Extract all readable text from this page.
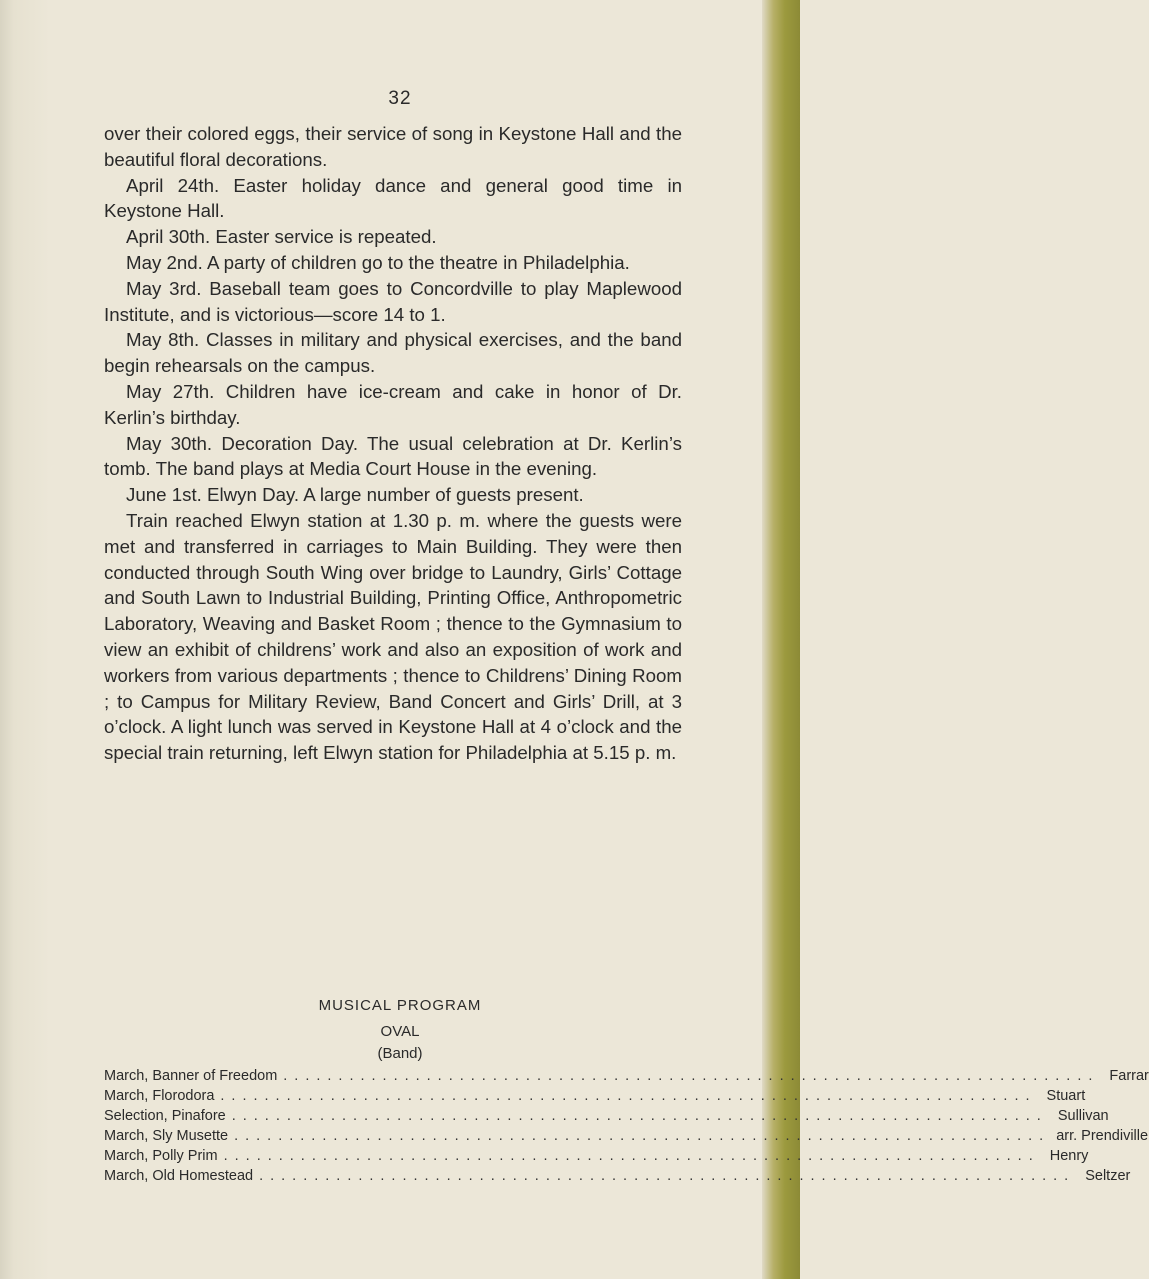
32

over their colored eggs, their service of song in Keystone Hall and the beautiful floral decorations.

April 24th. Easter holiday dance and general good time in Keystone Hall.

April 30th. Easter service is repeated.

May 2nd. A party of children go to the theatre in Philadelphia.

May 3rd. Baseball team goes to Concordville to play Maplewood Institute, and is victorious—score 14 to 1.

May 8th. Classes in military and physical exercises, and the band begin rehearsals on the campus.

May 27th. Children have ice-cream and cake in honor of Dr. Kerlin’s birthday.

May 30th. Decoration Day. The usual celebration at Dr. Kerlin’s tomb. The band plays at Media Court House in the evening.

June 1st. Elwyn Day. A large number of guests present.

Train reached Elwyn station at 1.30 p. m. where the guests were met and transferred in carriages to Main Building. They were then conducted through South Wing over bridge to Laundry, Girls’ Cottage and South Lawn to Industrial Building, Printing Office, Anthropometric Laboratory, Weaving and Basket Room ; thence to the Gymnasium to view an exhibit of childrens’ work and also an exposition of work and workers from various departments ; thence to Childrens’ Dining Room ; to Campus for Military Review, Band Concert and Girls’ Drill, at 3 o’clock. A light lunch was served in Keystone Hall at 4 o’clock and the special train returning, left Elwyn station for Philadelphia at 5.15 p. m.

MUSICAL PROGRAM
OVAL
(Band)
March, Banner of Freedom .......................................................................... Farrar
March, Florodora .......................................................................... Stuart
Selection, Pinafore .......................................................................... Sullivan
March, Sly Musette .......................................................................... arr. Prendiville
March, Polly Prim .......................................................................... Henry
March, Old Homestead .......................................................................... Seltzer
